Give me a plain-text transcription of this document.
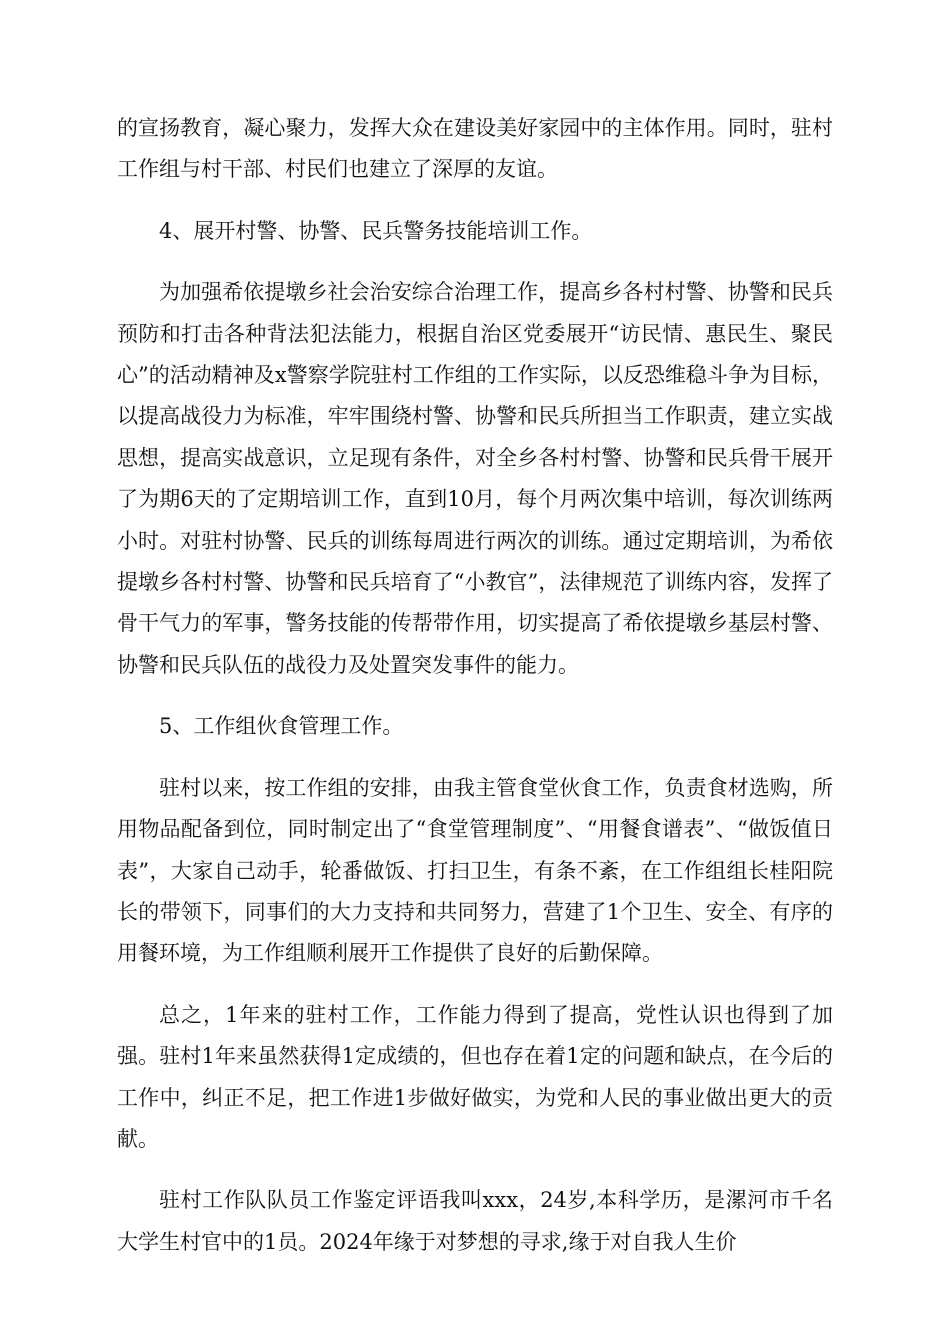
的宣扬教育，凝心聚力，发挥大众在建设美好家园中的主体作用。同时，驻村工作组与村干部、村民们也建立了深厚的友谊。

4、展开村警、协警、民兵警务技能培训工作。

为加强希依提墩乡社会治安综合治理工作，提高乡各村村警、协警和民兵预防和打击各种背法犯法能力，根据自治区党委展开“访民情、惠民生、聚民心”的活动精神及x警察学院驻村工作组的工作实际，以反恐维稳斗争为目标，以提高战役力为标准，牢牢围绕村警、协警和民兵所担当工作职责，建立实战思想，提高实战意识，立足现有条件，对全乡各村村警、协警和民兵骨干展开了为期6天的了定期培训工作，直到10月，每个月两次集中培训，每次训练两小时。对驻村协警、民兵的训练每周进行两次的训练。通过定期培训，为希依提墩乡各村村警、协警和民兵培育了“小教官”，法律规范了训练内容，发挥了骨干气力的军事，警务技能的传帮带作用，切实提高了希依提墩乡基层村警、协警和民兵队伍的战役力及处置突发事件的能力。

5、工作组伙食管理工作。

驻村以来，按工作组的安排，由我主管食堂伙食工作，负责食材选购，所用物品配备到位，同时制定出了“食堂管理制度”、“用餐食谱表”、“做饭值日表”，大家自己动手，轮番做饭、打扫卫生，有条不紊，在工作组组长桂阳院长的带领下，同事们的大力支持和共同努力，营建了1个卫生、安全、有序的用餐环境，为工作组顺利展开工作提供了良好的后勤保障。

总之，1年来的驻村工作，工作能力得到了提高，党性认识也得到了加强。驻村1年来虽然获得1定成绩的，但也存在着1定的问题和缺点，在今后的工作中，纠正不足，把工作进1步做好做实，为党和人民的事业做出更大的贡献。

驻村工作队队员工作鉴定评语我叫xxx，24岁,本科学历，是漯河市千名大学生村官中的1员。2024年缘于对梦想的寻求,缘于对自我人生价
